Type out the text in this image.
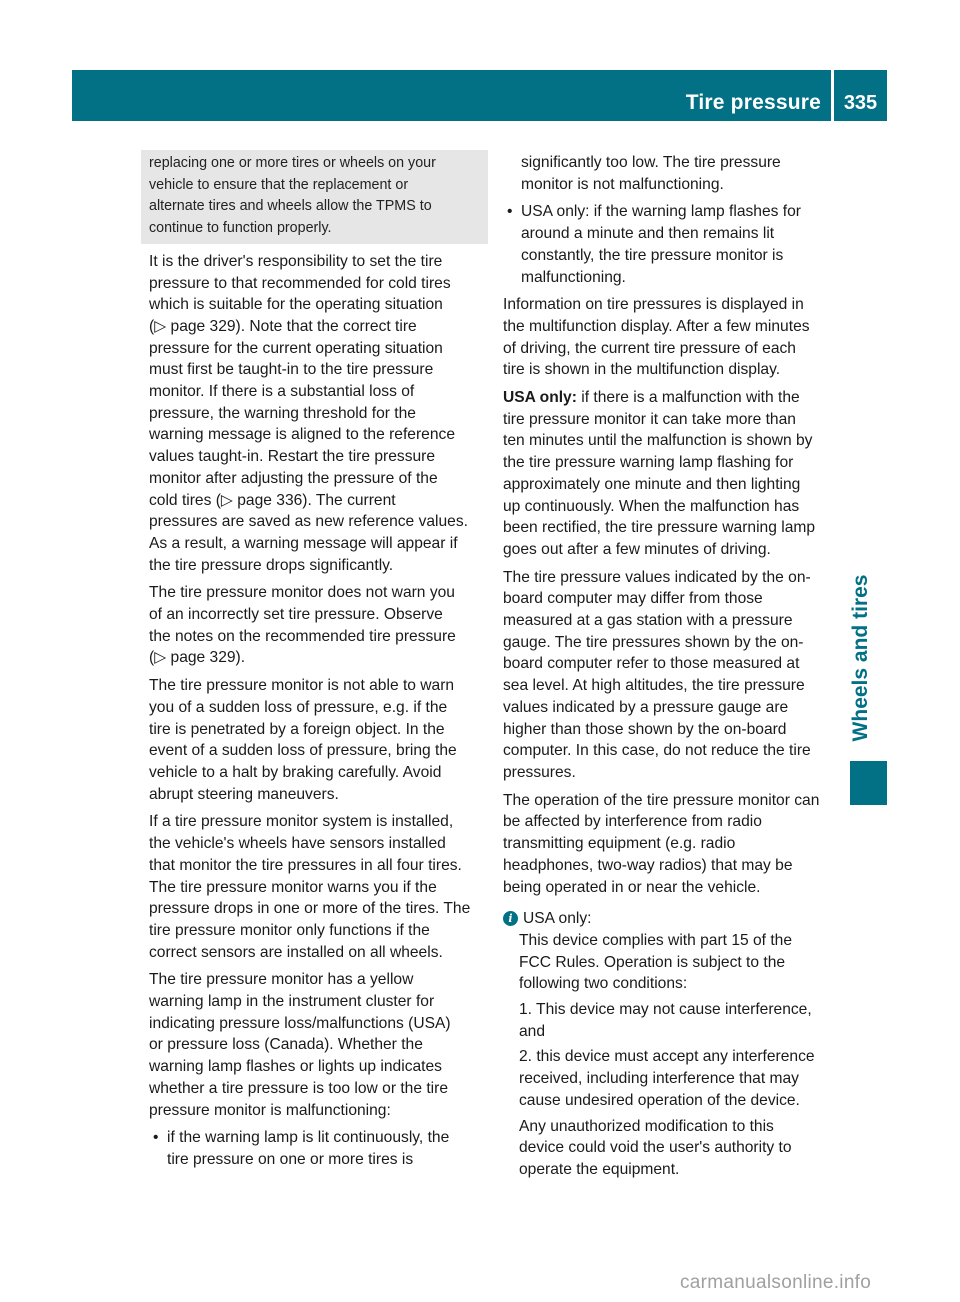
Tire pressure	335
Wheels and tires
replacing one or more tires or wheels on your
vehicle to ensure that the replacement or
alternate tires and wheels allow the TPMS to
continue to function properly.
It is the driver's responsibility to set the tire
pressure to that recommended for cold tires
which is suitable for the operating situation
(▷ page 329). Note that the correct tire
pressure for the current operating situation
must first be taught-in to the tire pressure
monitor. If there is a substantial loss of
pressure, the warning threshold for the
warning message is aligned to the reference
values taught-in. Restart the tire pressure
monitor after adjusting the pressure of the
cold tires (▷ page 336). The current
pressures are saved as new reference values.
As a result, a warning message will appear if
the tire pressure drops significantly.
The tire pressure monitor does not warn you
of an incorrectly set tire pressure. Observe
the notes on the recommended tire pressure
(▷ page 329).
The tire pressure monitor is not able to warn
you of a sudden loss of pressure, e.g. if the
tire is penetrated by a foreign object. In the
event of a sudden loss of pressure, bring the
vehicle to a halt by braking carefully. Avoid
abrupt steering maneuvers.
If a tire pressure monitor system is installed,
the vehicle's wheels have sensors installed
that monitor the tire pressures in all four tires.
The tire pressure monitor warns you if the
pressure drops in one or more of the tires. The
tire pressure monitor only functions if the
correct sensors are installed on all wheels.
The tire pressure monitor has a yellow
warning lamp in the instrument cluster for
indicating pressure loss/malfunctions (USA)
or pressure loss (Canada). Whether the
warning lamp flashes or lights up indicates
whether a tire pressure is too low or the tire
pressure monitor is malfunctioning:
• if the warning lamp is lit continuously, the
tire pressure on one or more tires is
significantly too low. The tire pressure
monitor is not malfunctioning.
• USA only: if the warning lamp flashes for
around a minute and then remains lit
constantly, the tire pressure monitor is
malfunctioning.
Information on tire pressures is displayed in
the multifunction display. After a few minutes
of driving, the current tire pressure of each
tire is shown in the multifunction display.
USA only: if there is a malfunction with the
tire pressure monitor it can take more than
ten minutes until the malfunction is shown by
the tire pressure warning lamp flashing for
approximately one minute and then lighting
up continuously. When the malfunction has
been rectified, the tire pressure warning lamp
goes out after a few minutes of driving.
The tire pressure values indicated by the on-
board computer may differ from those
measured at a gas station with a pressure
gauge. The tire pressures shown by the on-
board computer refer to those measured at
sea level. At high altitudes, the tire pressure
values indicated by a pressure gauge are
higher than those shown by the on-board
computer. In this case, do not reduce the tire
pressures.
The operation of the tire pressure monitor can
be affected by interference from radio
transmitting equipment (e.g. radio
headphones, two-way radios) that may be
being operated in or near the vehicle.
i USA only:
This device complies with part 15 of the
FCC Rules. Operation is subject to the
following two conditions:
1. This device may not cause interference,
and
2. this device must accept any interference
received, including interference that may
cause undesired operation of the device.
Any unauthorized modification to this
device could void the user's authority to
operate the equipment.
carmanualsonline.info
